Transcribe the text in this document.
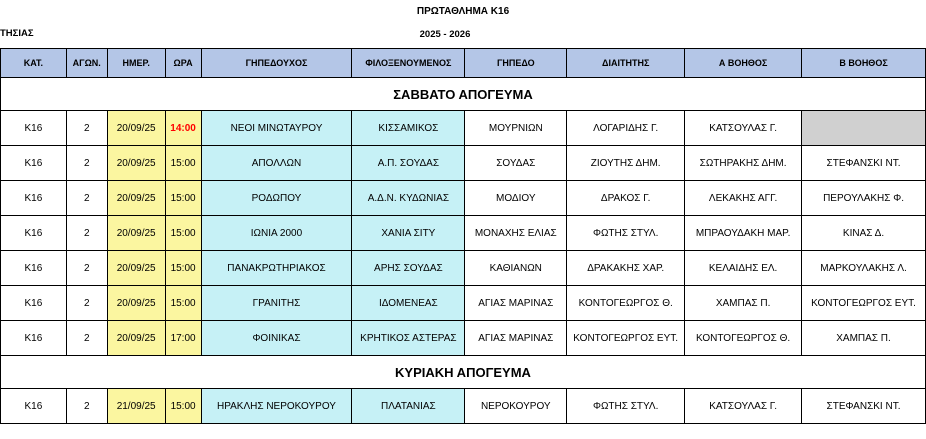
ΠΡΩΤΑΘΛΗΜΑ Κ16
ΤΗΣΙΑΣ	2025 - 2026
ΚΑΤ.	ΑΓΩΝ.	ΗΜΕΡ.	ΩΡΑ	ΓΗΠΕΔΟΥΧΟΣ	ΦΙΛΟΞΕΝΟΥΜΕΝΟΣ	ΓΗΠΕΔΟ	ΔΙΑΙΤΗΤΗΣ	Α ΒΟΗΘΟΣ	Β ΒΟΗΘΟΣ
ΣΑΒΒΑΤΟ ΑΠΟΓΕΥΜΑ									
Κ16	2	20/09/25	14:00	ΝΕΟΙ ΜΙΝΩΤΑΥΡΟΥ	ΚΙΣΣΑΜΙΚΟΣ	ΜΟΥΡΝΙΩΝ	ΛΟΓΑΡΙΔΗΣ Γ.	ΚΑΤΣΟΥΛΑΣ Γ.	
Κ16	2	20/09/25	15:00	ΑΠΟΛΛΩΝ	Α.Π. ΣΟΥΔΑΣ	ΣΟΥΔΑΣ	ΖΙΟΥΤΗΣ ΔΗΜ.	ΣΩΤΗΡΑΚΗΣ ΔΗΜ.	ΣΤΕΦΑΝΣΚΙ ΝΤ.
Κ16	2	20/09/25	15:00	ΡΟΔΩΠΟΥ	Α.Δ.Ν. ΚΥΔΩΝΙΑΣ	ΜΟΔΙΟΥ	ΔΡΑΚΟΣ Γ.	ΛΕΚΑΚΗΣ ΑΓΓ.	ΠΕΡΟΥΛΑΚΗΣ Φ.
Κ16	2	20/09/25	15:00	ΙΩΝΙΑ 2000	ΧΑΝΙΑ ΣΙΤΥ	ΜΟΝΑΧΗΣ ΕΛΙΑΣ	ΦΩΤΗΣ ΣΤΥΛ.	ΜΠΡΑΟΥΔΑΚΗ ΜΑΡ.	ΚΙΝΑΣ Δ.
Κ16	2	20/09/25	15:00	ΠΑΝΑΚΡΩΤΗΡΙΑΚΟΣ	ΑΡΗΣ ΣΟΥΔΑΣ	ΚΑΘΙΑΝΩΝ	ΔΡΑΚΑΚΗΣ ΧΑΡ.	ΚΕΛΑΙΔΗΣ ΕΛ.	ΜΑΡΚΟΥΛΑΚΗΣ Λ.
Κ16	2	20/09/25	15:00	ΓΡΑΝΙΤΗΣ	ΙΔΟΜΕΝΕΑΣ	ΑΓΙΑΣ ΜΑΡΙΝΑΣ	ΚΟΝΤΟΓΕΩΡΓΟΣ Θ.	ΧΑΜΠΑΣ Π.	ΚΟΝΤΟΓΕΩΡΓΟΣ ΕΥΤ.
Κ16	2	20/09/25	17:00	ΦΟΙΝΙΚΑΣ	ΚΡΗΤΙΚΟΣ ΑΣΤΕΡΑΣ	ΑΓΙΑΣ ΜΑΡΙΝΑΣ	ΚΟΝΤΟΓΕΩΡΓΟΣ ΕΥΤ.	ΚΟΝΤΟΓΕΩΡΓΟΣ Θ.	ΧΑΜΠΑΣ Π.
ΚΥΡΙΑΚΗ ΑΠΟΓΕΥΜΑ									
Κ16	2	21/09/25	15:00	ΗΡΑΚΛΗΣ ΝΕΡΟΚΟΥΡΟΥ	ΠΛΑΤΑΝΙΑΣ	ΝΕΡΟΚΟΥΡΟΥ	ΦΩΤΗΣ ΣΤΥΛ.	ΚΑΤΣΟΥΛΑΣ Γ.	ΣΤΕΦΑΝΣΚΙ ΝΤ.
